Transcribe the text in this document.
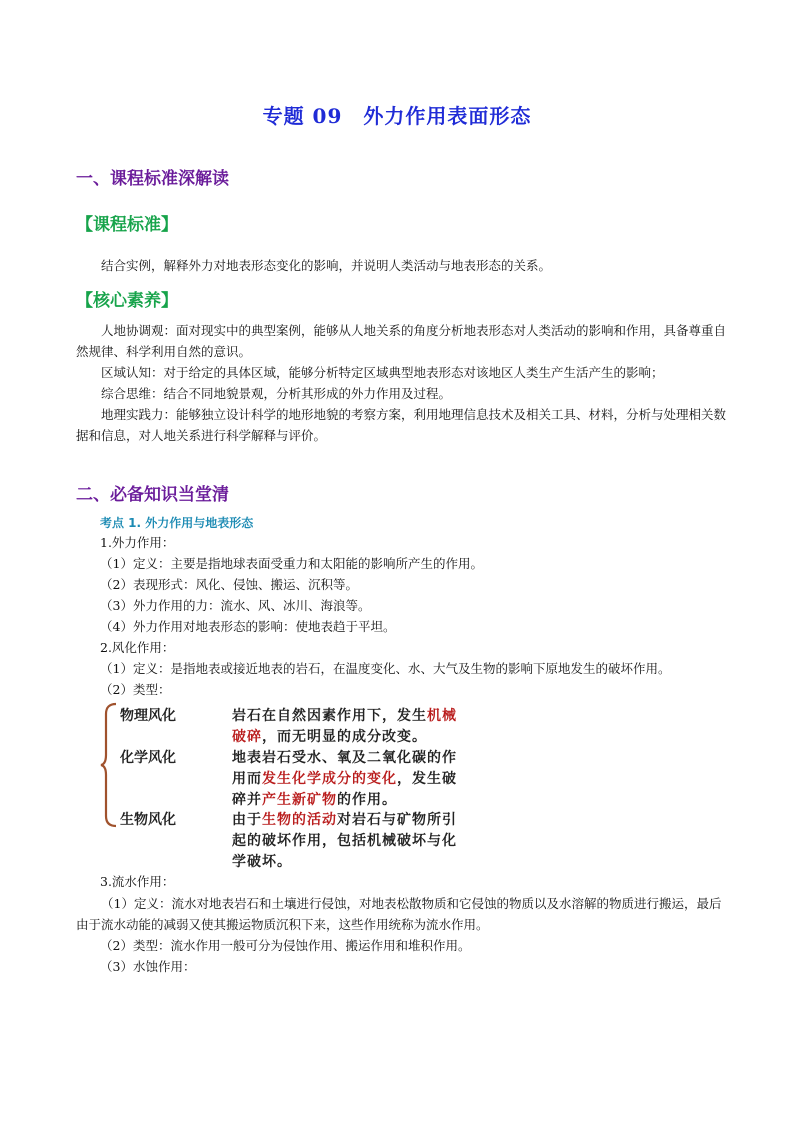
专题 09　外力作用表面形态
一、课程标准深解读
【课程标准】

结合实例，解释外力对地表形态变化的影响，并说明人类活动与地表形态的关系。

【核心素养】

人地协调观：面对现实中的典型案例，能够从人地关系的角度分析地表形态对人类活动的影响和作用，具备尊重自然规律、科学利用自然的意识。

区域认知：对于给定的具体区域，能够分析特定区域典型地表形态对该地区人类生产生活产生的影响；

综合思维：结合不同地貌景观，分析其形成的外力作用及过程。

地理实践力：能够独立设计科学的地形地貌的考察方案，利用地理信息技术及相关工具、材料，分析与处理相关数据和信息，对人地关系进行科学解释与评价。

二、必备知识当堂清
考点 1. 外力作用与地表形态
1.外力作用：
（1）定义：主要是指地球表面受重力和太阳能的影响所产生的作用。
（2）表现形式：风化、侵蚀、搬运、沉积等。
（3）外力作用的力：流水、风、冰川、海浪等。
（4）外力作用对地表形态的影响：使地表趋于平坦。
2.风化作用：
（1）定义：是指地表或接近地表的岩石，在温度变化、水、大气及生物的影响下原地发生的破坏作用。
（2）类型：
物理风化	岩石在自然因素作用下，发生机械
破碎，而无明显的成分改变。
化学风化	地表岩石受水、氧及二氧化碳的作
用而发生化学成分的变化，发生破
碎并产生新矿物的作用。
生物风化	由于生物的活动对岩石与矿物所引
起的破坏作用，包括机械破坏与化
学破坏。
3.流水作用：

（1）定义：流水对地表岩石和土壤进行侵蚀，对地表松散物质和它侵蚀的物质以及水溶解的物质进行搬运，最后由于流水动能的减弱又使其搬运物质沉积下来，这些作用统称为流水作用。

（2）类型：流水作用一般可分为侵蚀作用、搬运作用和堆积作用。
（3）水蚀作用：
